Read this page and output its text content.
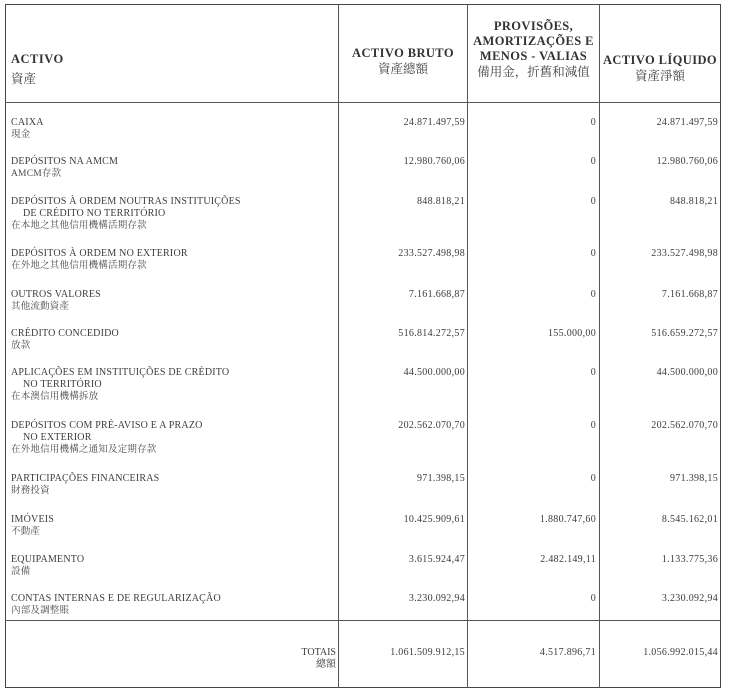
ACTIVO
資產
ACTIVO BRUTO
資產總額
PROVISÕES,
AMORTIZAÇÕES E
MENOS - VALIAS
備用金，折舊和減值
ACTIVO LÍQUIDO
資產淨額
CAIXA
現金
24.871.497,59	0	24.871.497,59
DEPÓSITOS NA AMCM
AMCM存款
12.980.760,06	0	12.980.760,06
DEPÓSITOS À ORDEM NOUTRAS INSTITUIÇÕES
DE CRÉDITO NO TERRITÓRIO
在本地之其他信用機構活期存款
848.818,21	0	848.818,21
DEPÓSITOS À ORDEM NO EXTERIOR
在外地之其他信用機構活期存款
233.527.498,98	0	233.527.498,98
OUTROS VALORES
其他流動資產
7.161.668,87	0	7.161.668,87
CRÉDITO CONCEDIDO
放款
516.814.272,57	155.000,00	516.659.272,57
APLICAÇÕES EM INSTITUIÇÕES DE CRÉDITO
NO TERRITÓRIO
在本澳信用機構拆放
44.500.000,00	0	44.500.000,00
DEPÓSITOS COM PRÉ-AVISO E A PRAZO
NO EXTERIOR
在外地信用機構之通知及定期存款
202.562.070,70	0	202.562.070,70
PARTICIPAÇÕES FINANCEIRAS
財務投資
971.398,15	0	971.398,15
IMÓVEIS
不動產
10.425.909,61	1.880.747,60	8.545.162,01
EQUIPAMENTO
設備
3.615.924,47	2.482.149,11	1.133.775,36
CONTAS INTERNAS E DE REGULARIZAÇÃO
內部及調整賬
3.230.092,94	0	3.230.092,94
TOTAIS
總額
1.061.509.912,15	4.517.896,71	1.056.992.015,44
